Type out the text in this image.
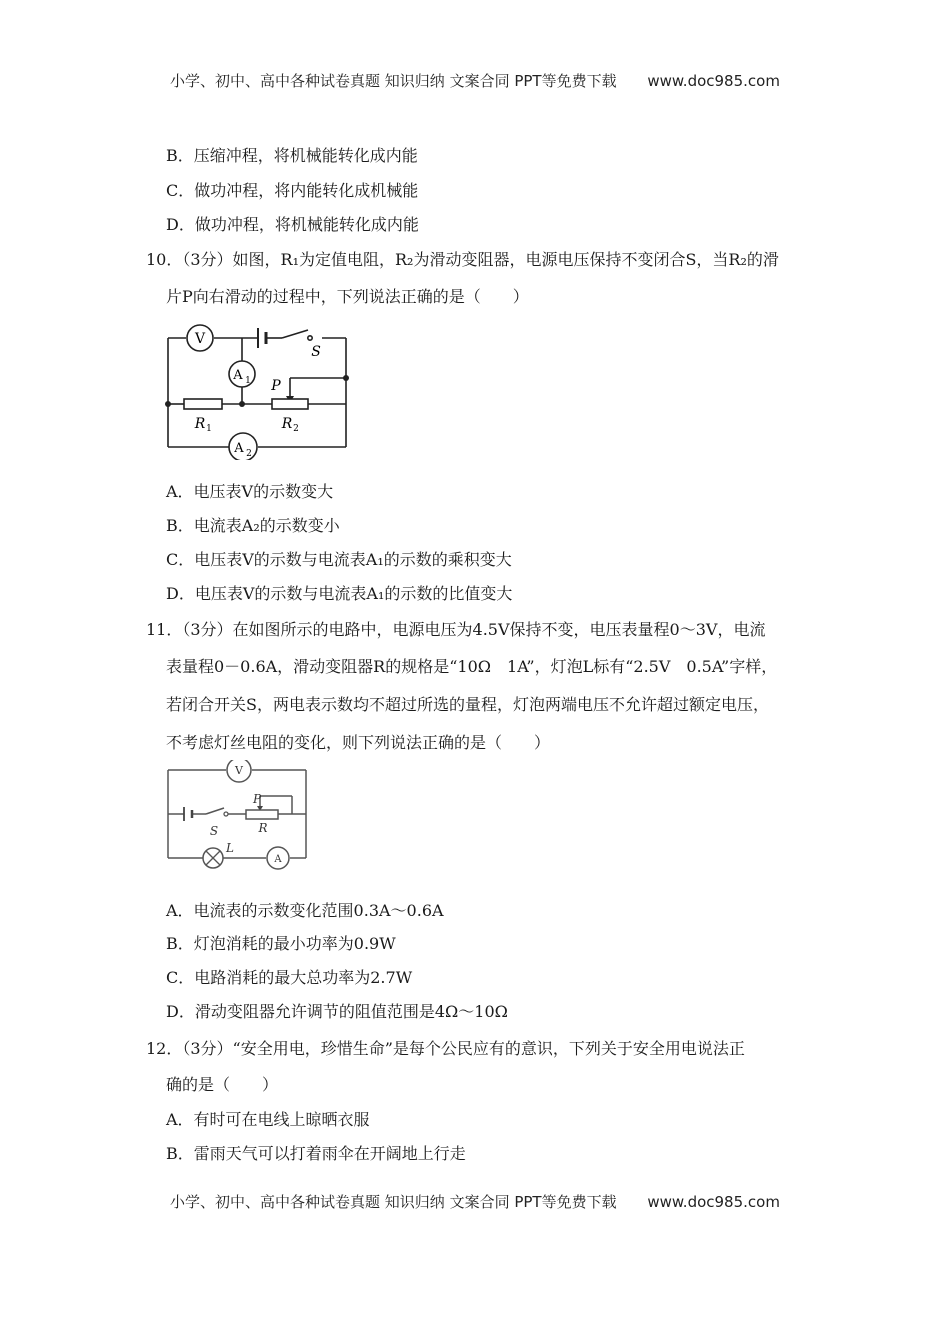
小学、初中、高中各种试卷真题 知识归纳 文案合同 PPT等免费下载 www.doc985.com
B．压缩冲程，将机械能转化成内能
C．做功冲程，将内能转化成机械能
D．做功冲程，将机械能转化成内能
10．（3分）如图，R₁为定值电阻，R₂为滑动变阻器，电源电压保持不变闭合S，当R₂的滑
片P向右滑动的过程中，下列说法正确的是（　　）
V
A 1
A 2
S
P
R 1	R 2
A．电压表V的示数变大
B．电流表A₂的示数变小
C．电压表V的示数与电流表A₁的示数的乘积变大
D．电压表V的示数与电流表A₁的示数的比值变大
11．（3分）在如图所示的电路中，电源电压为4.5V保持不变，电压表量程0～3V，电流
表量程0－0.6A，滑动变阻器R的规格是“10Ω　1A”，灯泡L标有“2.5V　0.5A”字样，
若闭合开关S，两电表示数均不超过所选的量程，灯泡两端电压不允许超过额定电压，
不考虑灯丝电阻的变化，则下列说法正确的是（　　）
V
S
P
R
L
A
A．电流表的示数变化范围0.3A～0.6A
B．灯泡消耗的最小功率为0.9W
C．电路消耗的最大总功率为2.7W
D．滑动变阻器允许调节的阻值范围是4Ω～10Ω
12．（3分）“安全用电，珍惜生命”是每个公民应有的意识，下列关于安全用电说法正
确的是（　　）
A．有时可在电线上晾晒衣服
B．雷雨天气可以打着雨伞在开阔地上行走
小学、初中、高中各种试卷真题 知识归纳 文案合同 PPT等免费下载 www.doc985.com
